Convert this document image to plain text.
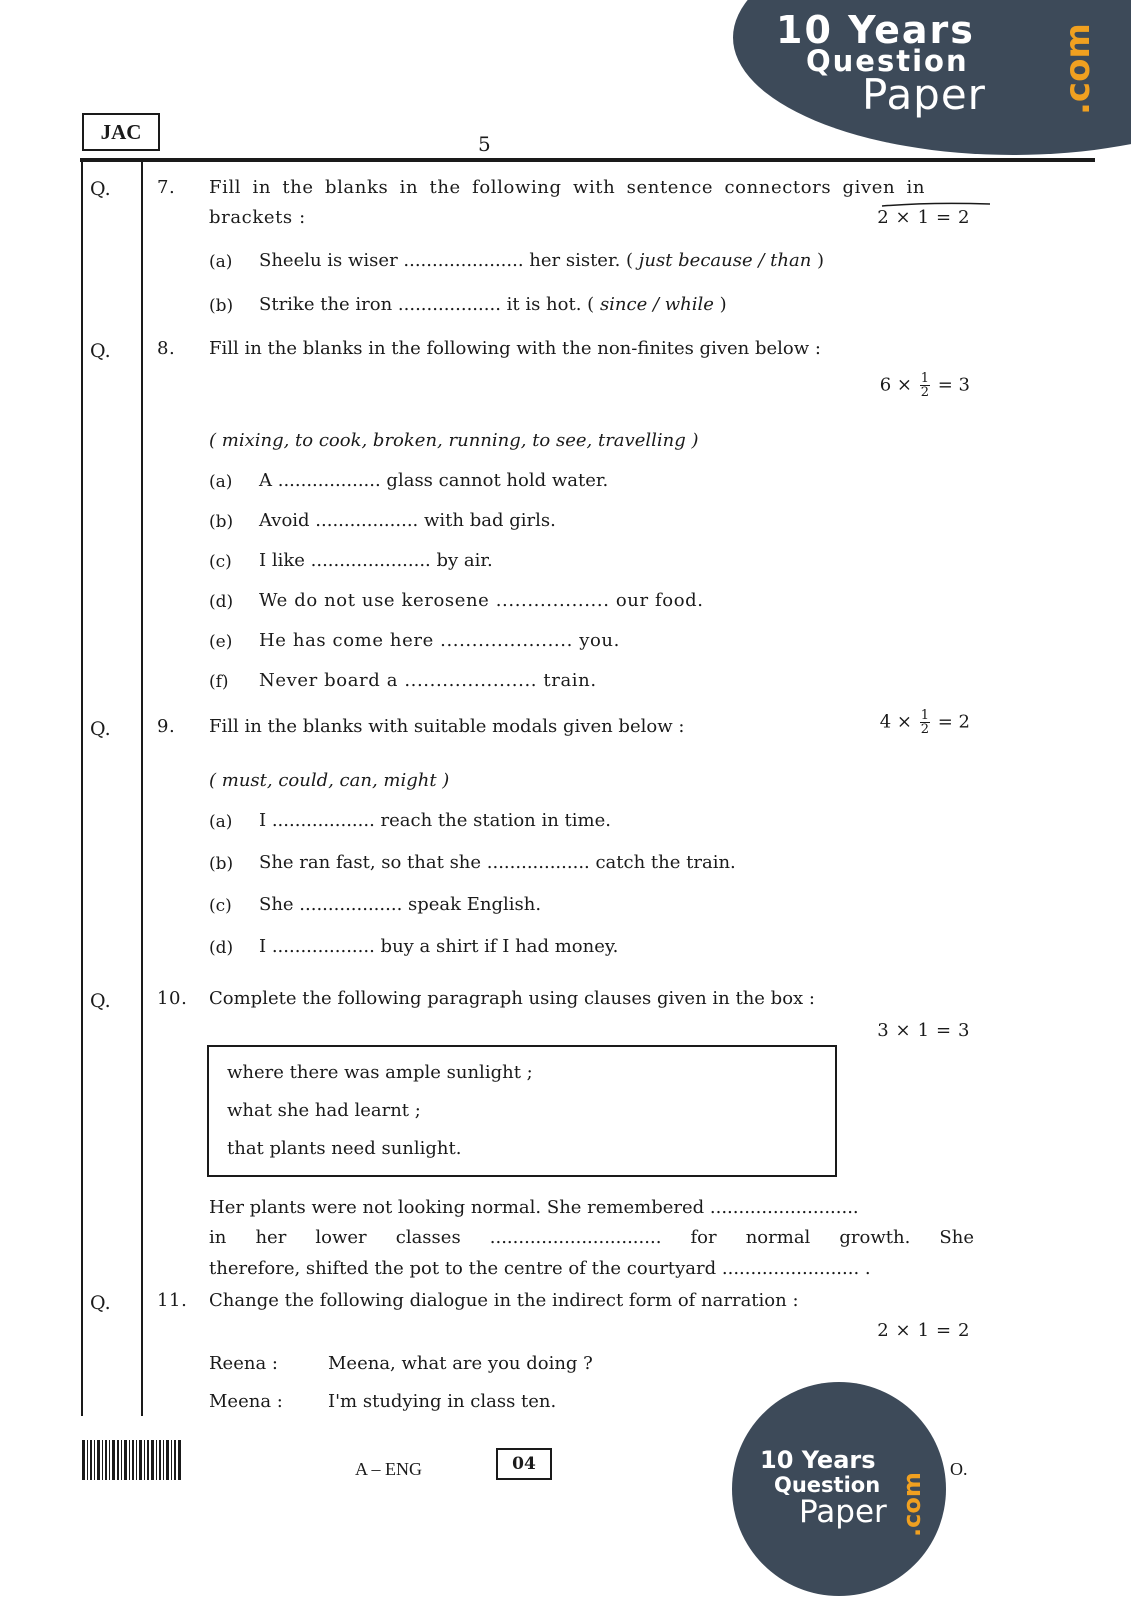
10 Years
Question
Paper .com
JAC	5
Q.	7. Fill in the blanks in the following with sentence connectors given in
brackets :	2 × 1 = 2
(a) Sheelu is wiser ..................... her sister. ( just because / than )
(b) Strike the iron .................. it is hot. ( since / while )
Q.	8. Fill in the blanks in the following with the non-finites given below :
$6 \times \frac{1}{2} = 3$
( mixing, to cook, broken, running, to see, travelling )
(a) A .................. glass cannot hold water.
(b) Avoid .................. with bad girls.
(c) I like ..................... by air.
(d) We do not use kerosene .................. our food.
(e) He has come here ..................... you.
(f) Never board a ..................... train.
Q.	9. Fill in the blanks with suitable modals given below :	$4 \times \frac{1}{2} = 2$
( must, could, can, might )
(a) I .................. reach the station in time.
(b) She ran fast, so that she .................. catch the train.
(c) She .................. speak English.
(d) I .................. buy a shirt if I had money.
Q.	10. Complete the following paragraph using clauses given in the box :
3 × 1 = 3
where there was ample sunlight ;
what she had learnt ;
that plants need sunlight.
Her plants were not looking normal. She remembered ..........................
in her lower classes .............................. for normal growth. She
therefore, shifted the pot to the centre of the courtyard ........................ .
Q.	11. Change the following dialogue in the indirect form of narration :
2 × 1 = 2
Reena :	Meena, what are you doing ?
Meena :	I'm studying in class ten.
A – ENG	04	10 Years
Question
Paper .com
O.
